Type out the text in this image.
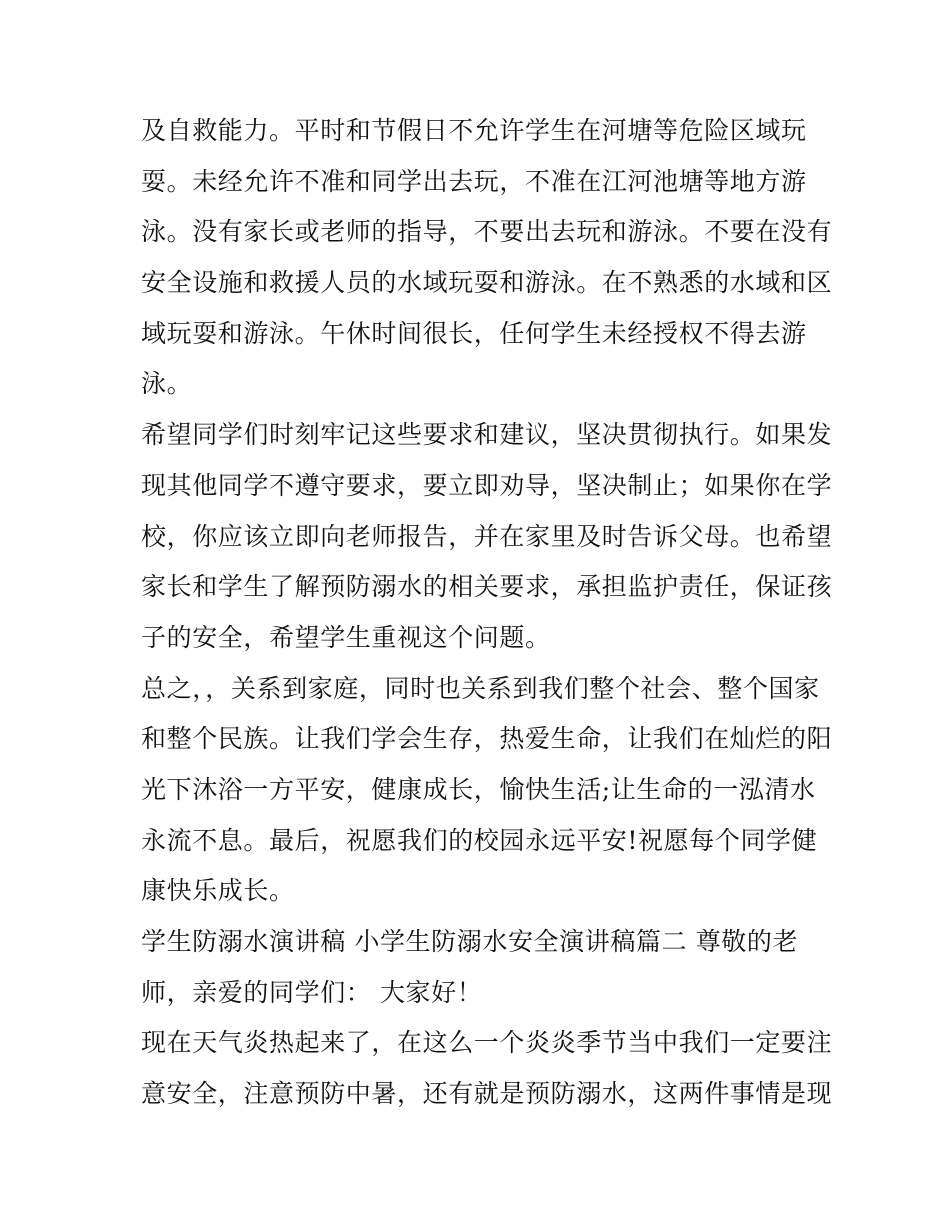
及自救能力。平时和节假日不允许学生在河塘等危险区域玩
耍。未经允许不准和同学出去玩，不准在江河池塘等地方游
泳。没有家长或老师的指导，不要出去玩和游泳。不要在没有
安全设施和救援人员的水域玩耍和游泳。在不熟悉的水域和区
域玩耍和游泳。午休时间很长，任何学生未经授权不得去游
泳。
希望同学们时刻牢记这些要求和建议，坚决贯彻执行。如果发
现其他同学不遵守要求，要立即劝导，坚决制止；如果你在学
校，你应该立即向老师报告，并在家里及时告诉父母。也希望
家长和学生了解预防溺水的相关要求，承担监护责任，保证孩
子的安全，希望学生重视这个问题。
总之，，关系到家庭，同时也关系到我们整个社会、整个国家
和整个民族。让我们学会生存，热爱生命，让我们在灿烂的阳
光下沐浴一方平安，健康成长，愉快生活;让生命的一泓清水
永流不息。最后，祝愿我们的校园永远平安!祝愿每个同学健
康快乐成长。
学生防溺水演讲稿 小学生防溺水安全演讲稿篇二 尊敬的老
师，亲爱的同学们： 大家好！
现在天气炎热起来了，在这么一个炎炎季节当中我们一定要注
意安全，注意预防中暑，还有就是预防溺水，这两件事情是现
